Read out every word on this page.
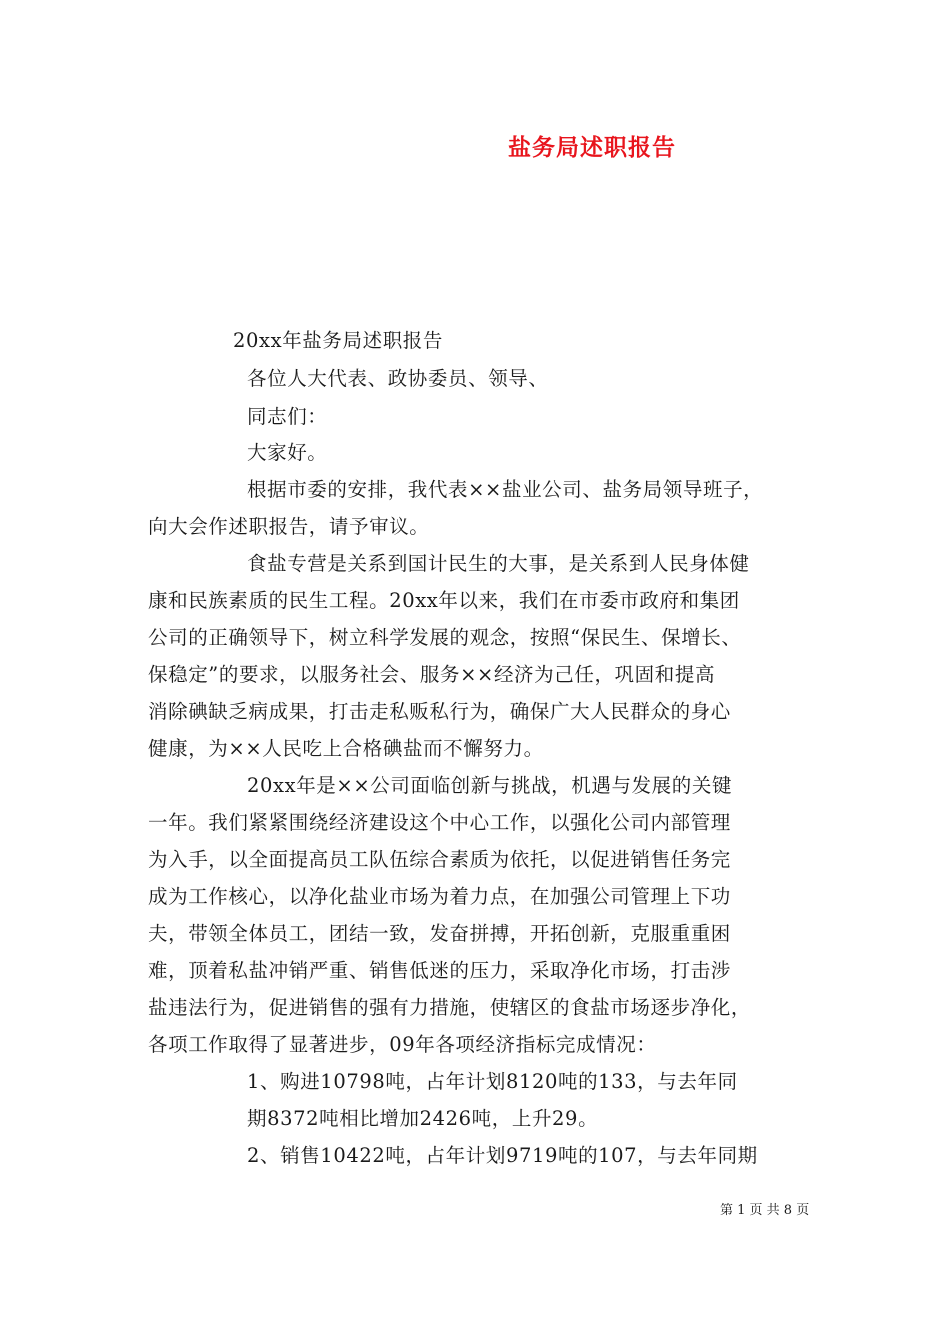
盐务局述职报告
20xx年盐务局述职报告
各位人大代表、政协委员、领导、
同志们：
大家好。
根据市委的安排，我代表××盐业公司、盐务局领导班子，
向大会作述职报告，请予审议。
食盐专营是关系到国计民生的大事，是关系到人民身体健
康和民族素质的民生工程。20xx年以来，我们在市委市政府和集团
公司的正确领导下，树立科学发展的观念，按照“保民生、保增长、
保稳定”的要求，以服务社会、服务××经济为己任，巩固和提高
消除碘缺乏病成果，打击走私贩私行为，确保广大人民群众的身心
健康，为××人民吃上合格碘盐而不懈努力。
20xx年是××公司面临创新与挑战，机遇与发展的关键
一年。我们紧紧围绕经济建设这个中心工作，以强化公司内部管理
为入手，以全面提高员工队伍综合素质为依托，以促进销售任务完
成为工作核心，以净化盐业市场为着力点，在加强公司管理上下功
夫，带领全体员工，团结一致，发奋拼搏，开拓创新，克服重重困
难，顶着私盐冲销严重、销售低迷的压力，采取净化市场，打击涉
盐违法行为，促进销售的强有力措施，使辖区的食盐市场逐步净化，
各项工作取得了显著进步，09年各项经济指标完成情况：
1、购进10798吨，占年计划8120吨的133，与去年同
期8372吨相比增加2426吨，上升29。
2、销售10422吨，占年计划9719吨的107，与去年同期
第 1 页 共 8 页
